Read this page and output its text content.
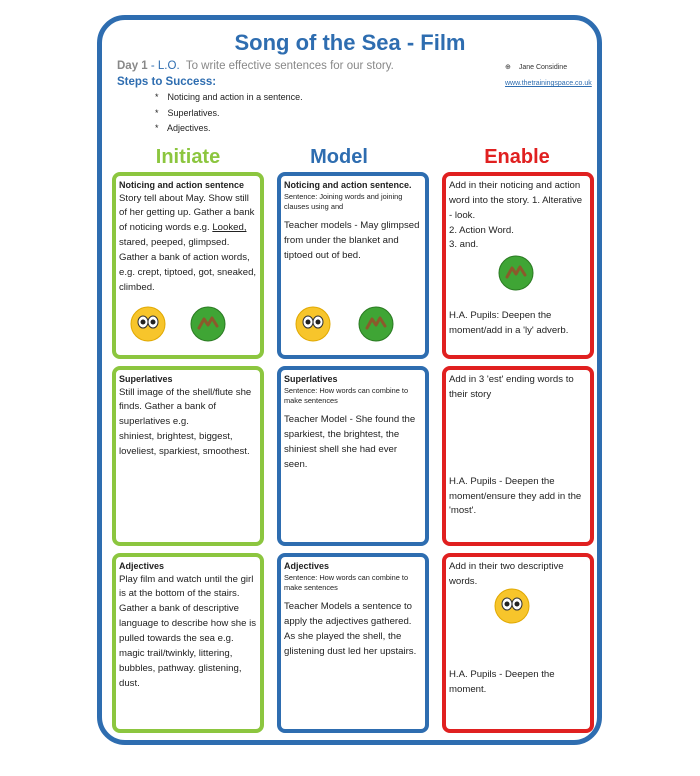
Song of the Sea - Film
Day 1 - L.O. To write effective sentences for our story.	⊕ Jane Considine
www.thetrainingspace.co.uk
Steps to Success:
* Noticing and action in a sentence.
* Superlatives.
* Adjectives.
Initiate	Model	Enable
Noticing and action sentence
Story tell about May. Show still of her getting up. Gather a bank of noticing words e.g. Looked, stared, peeped, glimpsed. Gather a bank of action words, e.g. crept, tiptoed, got, sneaked, climbed.
Noticing and action sentence.
Sentence: Joining words and joining clauses using and
Teacher models - May glimpsed from under the blanket and tiptoed out of bed.
Add in their noticing and action word into the story. 1. Alterative - look.
2. Action Word.
3. and.
H.A. Pupils: Deepen the moment/add in a 'ly' adverb.
Superlatives
Still image of the shell/flute she finds. Gather a bank of superlatives e.g.
shiniest, brightest, biggest, loveliest, sparkiest, smoothest.
Superlatives
Sentence: How words can combine to make sentences
Teacher Model - She found the sparkiest, the brightest, the shiniest shell she had ever seen.
Add in 3 'est' ending words to their story
H.A. Pupils - Deepen the moment/ensure they add in the 'most'.
Adjectives
Play film and watch until the girl is at the bottom of the stairs.
Gather a bank of descriptive language to describe how she is pulled towards the sea e.g. magic trail/twinkly, littering, bubbles, pathway. glistening, dust.
Adjectives
Sentence: How words can combine to make sentences
Teacher Models a sentence to apply the adjectives gathered. As she played the shell, the glistening dust led her upstairs.
Add in their two descriptive words.
H.A. Pupils - Deepen the moment.
